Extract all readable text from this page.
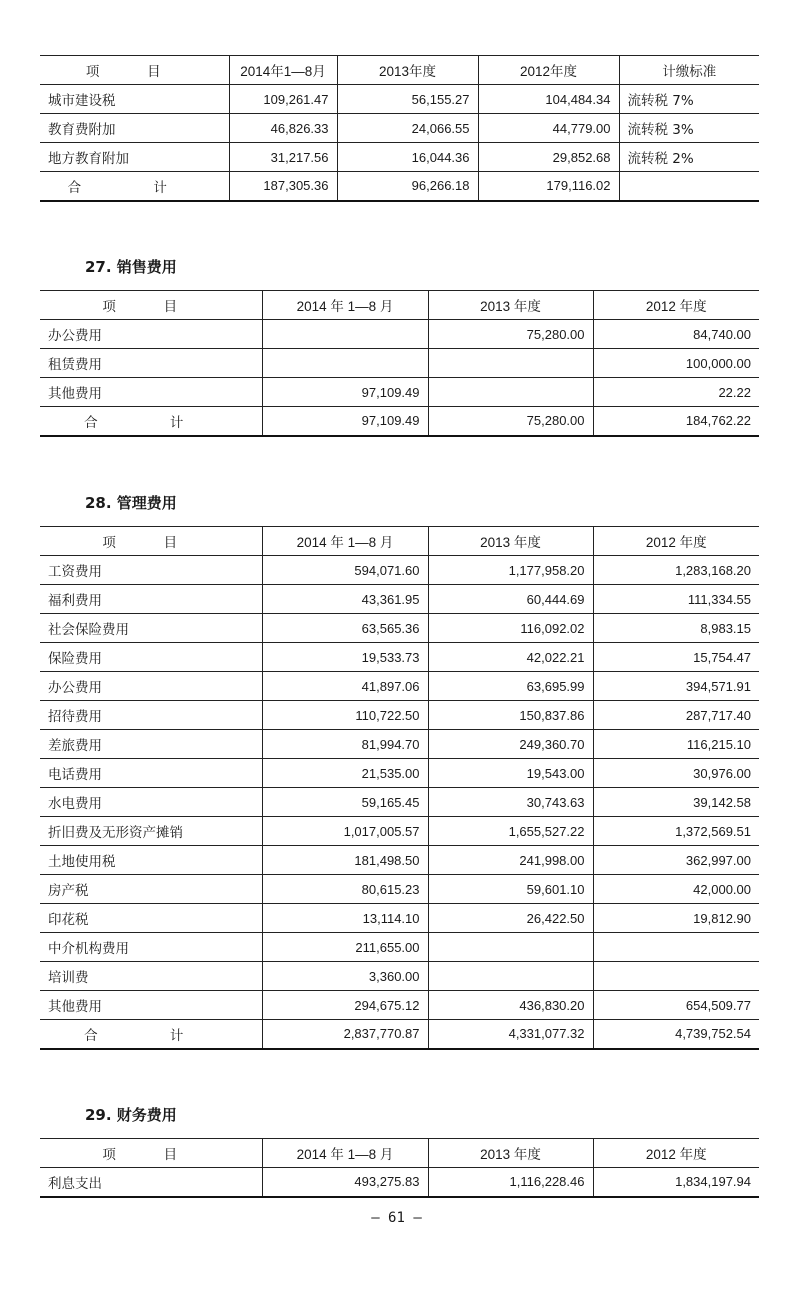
项 目	2014年1—8月	2013年度	2012年度	计缴标准
城市建设税	109,261.47	56,155.27	104,484.34	流转税 7%
教育费附加	46,826.33	24,066.55	44,779.00	流转税 3%
地方教育附加	31,217.56	16,044.36	29,852.68	流转税 2%
合 计	187,305.36	96,266.18	179,116.02	
27. 销售费用
项 目	2014 年 1—8 月	2013 年度	2012 年度
办公费用		75,280.00	84,740.00
租赁费用			100,000.00
其他费用	97,109.49		22.22
合 计	97,109.49	75,280.00	184,762.22
28. 管理费用
项 目	2014 年 1—8 月	2013 年度	2012 年度
工资费用	594,071.60	1,177,958.20	1,283,168.20
福利费用	43,361.95	60,444.69	111,334.55
社会保险费用	63,565.36	116,092.02	8,983.15
保险费用	19,533.73	42,022.21	15,754.47
办公费用	41,897.06	63,695.99	394,571.91
招待费用	110,722.50	150,837.86	287,717.40
差旅费用	81,994.70	249,360.70	116,215.10
电话费用	21,535.00	19,543.00	30,976.00
水电费用	59,165.45	30,743.63	39,142.58
折旧费及无形资产摊销	1,017,005.57	1,655,527.22	1,372,569.51
土地使用税	181,498.50	241,998.00	362,997.00
房产税	80,615.23	59,601.10	42,000.00
印花税	13,114.10	26,422.50	19,812.90
中介机构费用	211,655.00		
培训费	3,360.00		
其他费用	294,675.12	436,830.20	654,509.77
合 计	2,837,770.87	4,331,077.32	4,739,752.54
29. 财务费用
项 目	2014 年 1—8 月	2013 年度	2012 年度
利息支出	493,275.83	1,116,228.46	1,834,197.94
– 61 –
